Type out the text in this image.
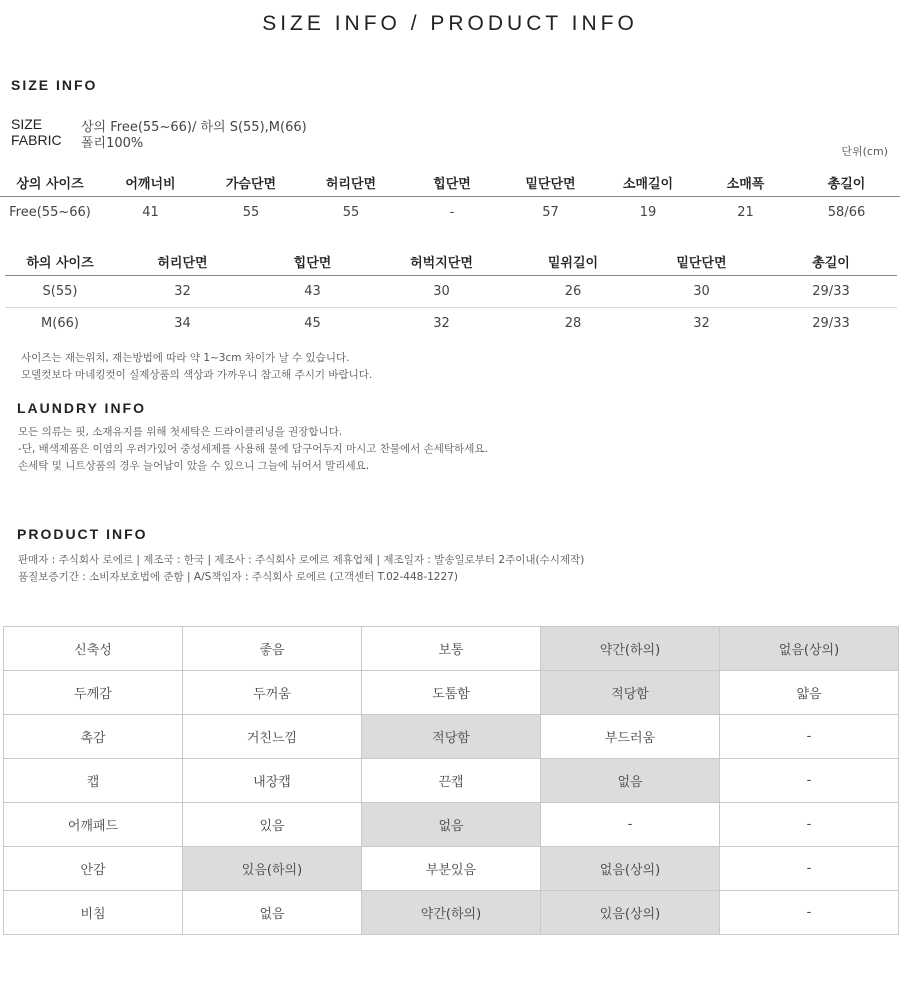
SIZE INFO / PRODUCT INFO
SIZE INFO
SIZE	상의 Free(55~66)/ 하의 S(55),M(66)
FABRIC 폴리100%
단위(cm)
상의 사이즈	어깨너비	가슴단면	허리단면	힙단면	밑단단면	소매길이	소매폭	총길이
Free(55~66)	41	55	55	-	57	19	21	58/66
하의 사이즈	허리단면	힙단면	허벅지단면	밑위길이	밑단단면	총길이
S(55)	32	43	30	26	30	29/33
M(66)	34	45	32	28	32	29/33
사이즈는 재는위치, 재는방법에 따라 약 1~3cm 차이가 날 수 있습니다.
모델컷보다 마네킹컷이 실제상품의 색상과 가까우니 참고해 주시기 바랍니다.
LAUNDRY INFO
모든 의류는 핏, 소재유지를 위해 첫세탁은 드라이클리닝을 권장합니다.
-단, 배색제품은 이염의 우려가있어 중성세제를 사용해 물에 담구어두지 마시고 찬물에서 손세탁하세요.
손세탁 및 니트상품의 경우 늘어남이 았을 수 있으니 그늘에 뉘어서 말리세요.
PRODUCT INFO
판매자 : 주식회사 로에르 | 제조국 : 한국 | 제조사 : 주식회사 로에르 제휴업체 | 제조일자 : 발송일로부터 2주이내(수시제작)
품질보증기간 : 소비자보호법에 준함 | A/S책임자 : 주식회사 로에르 (고객센터 T.02-448-1227)
신축성	좋음	보통	약간(하의)	없음(상의)
두께감	두꺼움	도톰함	적당함	얇음
촉감	거친느낌	적당함	부드러움	-
캡	내장캡	끈캡	없음	-
어깨패드	있음	없음	-	-
안감	있음(하의)	부분있음	없음(상의)	-
비침	없음	약간(하의)	있음(상의)	-
